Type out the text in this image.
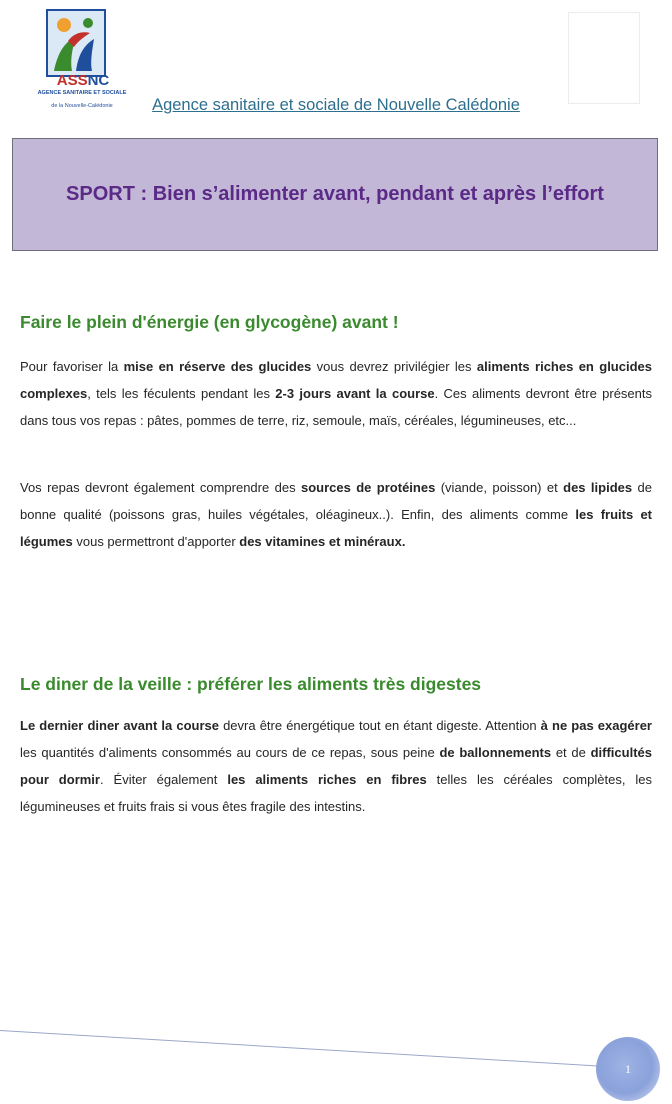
ASSNC
AGENCE SANITAIRE ET SOCIALE
de la Nouvelle-Calédonie	Agence sanitaire et sociale de Nouvelle Calédonie
SPORT : Bien s’alimenter avant, pendant et après l’effort
Faire le plein d'énergie (en glycogène) avant !

Pour favoriser la mise en réserve des glucides vous devrez privilégier les aliments riches en glucides complexes, tels les féculents pendant les 2-3 jours avant la course. Ces aliments devront être présents dans tous vos repas : pâtes, pommes de terre, riz, semoule, maïs, céréales, légumineuses, etc...

Vos repas devront également comprendre des sources de protéines (viande, poisson) et des lipides de bonne qualité (poissons gras, huiles végétales, oléagineux..). Enfin, des aliments comme les fruits et légumes vous permettront d'apporter des vitamines et minéraux.

Le diner de la veille : préférer les aliments très digestes

Le dernier diner avant la course devra être énergétique tout en étant digeste. Attention à ne pas exagérer les quantités d'aliments consommés au cours de ce repas, sous peine de ballonnements et de difficultés pour dormir. Éviter également les aliments riches en fibres telles les céréales complètes, les légumineuses et fruits frais si vous êtes fragile des intestins.

1
